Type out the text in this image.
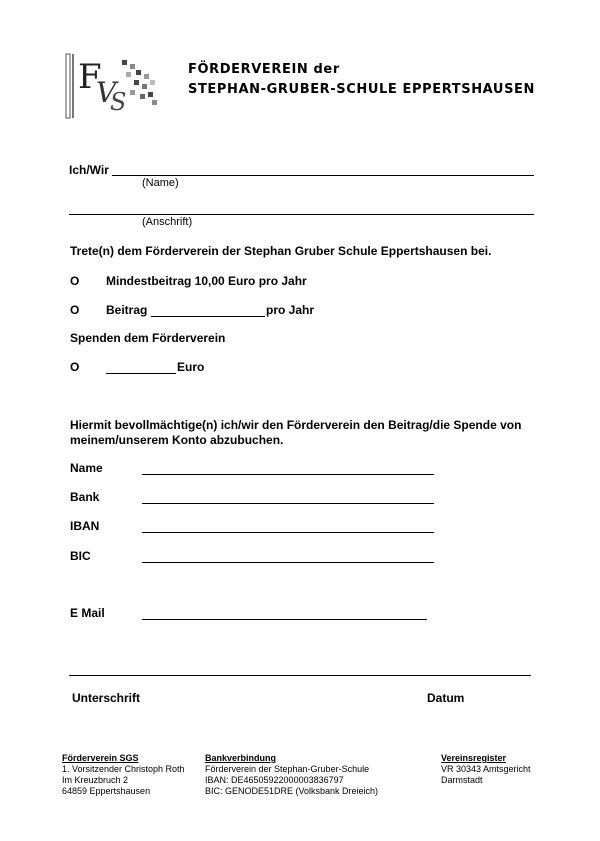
F
V
S
FÖRDERVEREIN der
STEPHAN-GRUBER-SCHULE EPPERTSHAUSEN
Ich/Wir
(Name)
(Anschrift)
Trete(n) dem Förderverein der Stephan Gruber Schule Eppertshausen bei.
O Mindestbeitrag 10,00 Euro pro Jahr
O Beitrag	pro Jahr
Spenden dem Förderverein
O	Euro
Hiermit bevollmächtige(n) ich/wir den Förderverein den Beitrag/die Spende von
meinem/unserem Konto abzubuchen.
Name
Bank
IBAN
BIC
E Mail
Unterschrift	Datum
Förderverein SGS
1. Vorsitzender Christoph Roth
Im Kreuzbruch 2
64859 Eppertshausen
Bankverbindung
Förderverein der Stephan-Gruber-Schule
IBAN: DE46505922000003836797
BIC: GENODE51DRE (Volksbank Dreieich)
Vereinsregister
VR 30343 Amtsgericht
Darmstadt
